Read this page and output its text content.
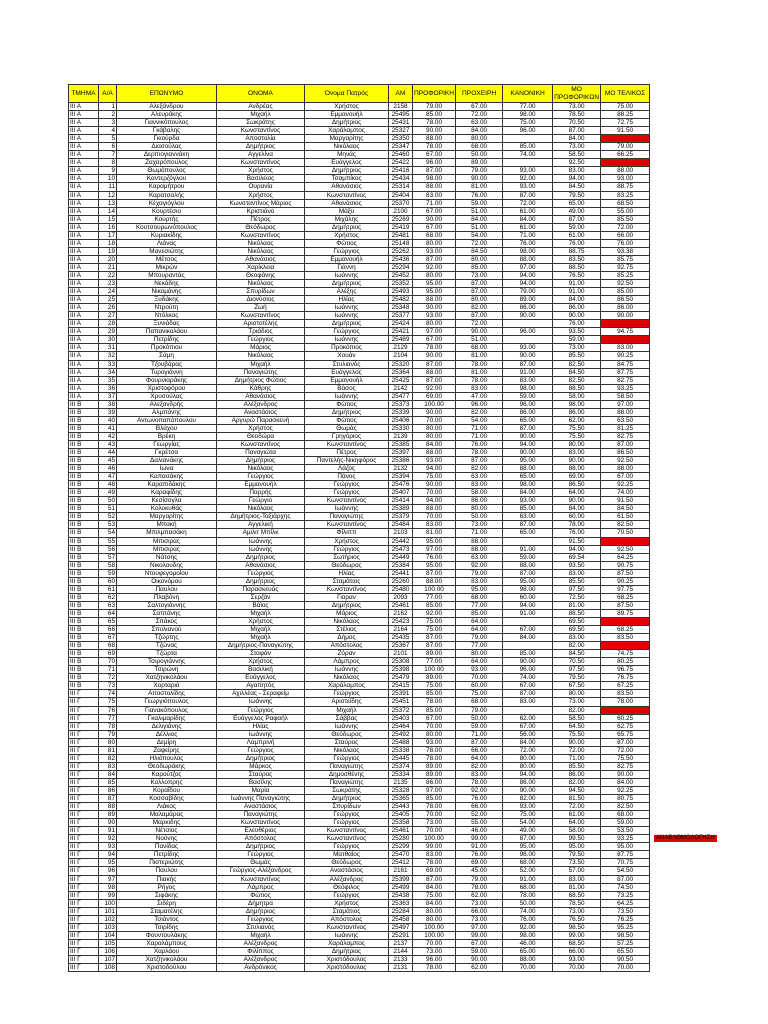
ΤΜΗΜΑ	Α/Α	ΕΠΩΝΥΜΟ	ΟΝΟΜΑ	Όνομα Πατρός	ΑΜ	ΠΡΟΦΟΡΙΚΗ	ΠΡΟΧΕΙΡΗ	ΚΑΝΟΝΙΚΗ	ΜΟ ΠΡΟΦΟΡΙΚΩΝ	ΜΟ ΤΕΛΙΚΟΣ
ΙΙΙ Α	1	Αλεξάνδρου	Ανδρέας	Χρήστος	2158	79.00	67.00	77.00	73.00	75.00
ΙΙΙ Α	2	Αλευράκης	Μιχαήλ	Εμμανουήλ	25495	85.00	72.00	98.00	78.50	88.25
ΙΙΙ Α	3	Γιαννικόπουλος	Σωκράτης	Δημήτριος	25431	78.00	63.00	75.00	70.50	72.75
ΙΙΙ Α	4	Γκάβαλης	Κωνσταντίνος	Χαράλαμπος	25327	90.00	84.00	96.00	87.00	91.50
ΙΙΙ Α	5	Γκιούρδα	Αποστολία	Μαργαρίτης	25350	88.00	80.00		84.00	42.00
ΙΙΙ Α	6	Διασούλας	Δημήτριος	Νικόλαος	25347	78.00	68.00	85.00	73.00	79.00
ΙΙΙ Α	7	Δερπιογιαννάκη	Αγγελίνα	Μηνάς	25460	67.00	50.00	74.00	58.50	66.25
ΙΙΙ Α	8	Ζαχαρόπουλος	Κωνσταντίνος	Ευάγγελος	25422	96.00	89.00		92.50	46.25
ΙΙΙ Α	9	Θωμόπουλος	Χρήστος	Δημήτριος	25416	87.00	79.00	93.00	83.00	88.00
ΙΙΙ Α	10	Καντερζόγλου	Βασιλειος	Τσαμπίκος	25434	98.00	90.00	92.00	94.00	93.00
ΙΙΙ Α	11	Καραμήτρου	Ουρανία	Αθανάσιος	25314	88.00	81.00	93.00	84.50	88.75
ΙΙΙ Α	12	Καρατσαλής	Χρήστος	Κωνσταντίνος	25404	83.00	76.00	87.00	79.50	83.25
ΙΙΙ Α	13	Κέχαγιόγλου	Κωνσταντίνος Μάριος	Αθανάσιος	25370	71.00	59.00	72.00	65.00	68.50
ΙΙΙ Α	14	Κουρτέσιο	Κριστιάνο	Μάξυ	2100	67.00	51.00	61.00	49.00	55.00
ΙΙΙ Α	15	Κουρτής	Πέτρος	Μιχάλης	25269	90.00	84.00	84.00	87.00	85.50
ΙΙΙ Α	16	Κουτσουρωνόπουλος	Θεόδωρος	Δημήτριος	25419	67.00	51.00	61.00	59.00	72.00
ΙΙΙ Α	17	Κυριακίδης	Κωνσταντίνος	Χρήστος	25481	68.00	54.00	71.00	61.00	66.00
ΙΙΙ Α	18	Λιάνας	Νικόλαος	Φώτιος	25148	80.00	72.00	76.00	76.00	76.00
ΙΙΙ Α	19	Μανεσιώτης	Νικόλαος	Γεώργιος	25262	93.00	84.50	98.00	88.75	93.38
ΙΙΙ Α	20	Μέτσος	Αθανάσιος	Εμμανουήλ	25436	87.00	80.00	88.00	83.50	85.75
ΙΙΙ Α	21	Μικρών	Χαρίκλεια	Γιάννη	25294	92.00	85.00	97.00	88.50	92.75
ΙΙΙ Α	22	Μπουραντάς	Θεοφάνης	Ιωάννης	25452	80.00	73.00	94.00	76.50	85.25
ΙΙΙ Α	23	Νεκάδης	Νικόλαος	Δημήτριος	25352	95.00	87.00	94.00	91.00	92.50
ΙΙΙ Α	24	Νικομάνης	Σπυρίδων	Αλέξης	25493	95.00	87.00	79.00	91.00	85.00
ΙΙΙ Α	25	Ξυδάκης	Διονύσιος	Ηλίας	25482	88.00	80.00	89.00	84.00	86.50
ΙΙΙ Α	26	Ντρούτη	Ζωή	Ιωάννης	25348	90.00	82.00	86.00	86.00	86.00
ΙΙΙ Α	27	Ντόλκας	Κωνσταντίνος	Ιωάννης	25377	93.00	87.00	90.00	90.00	90.00
ΙΙΙ Α	28	Ξυνιάδας	Αριστοτέλης	Δημήτριος	25424	80.00	72.00		76.00	38.00
ΙΙΙ Α	29	Παπανικολάου	Τριάδιος	Γεώργιος	25421	97.00	90.00	96.00	93.50	94.75
ΙΙΙ Α	30	Πετρίδης	Γεώργιος	Ιωάννης	25489	67.00	51.00		59.00	29.50
ΙΙΙ Α	31	Προκόπιου	Μάριος	Προκόπιος	2129	78.00	68.00	93.00	73.00	83.00
ΙΙΙ Α	32	Σάμη	Νικόλαος	Χουάν	2104	90.00	81.00	90.00	85.50	90.25
ΙΙΙ Α	33	Τζουβάρας	Μιχαήλ	Στυλιανός	25320	87.00	78.00	87.00	82.50	84.75
ΙΙΙ Α	34	Τυρογιάννη	Παναγιώτης	Ευάγγελος	25364	88.00	81.00	91.00	84.50	87.75
ΙΙΙ Α	35	Φουρνιαράκης	Δημήτριος Φώτιος	Εμμανουήλ	25425	87.00	78.00	83.00	82.50	82.75
ΙΙΙ Α	36	Χριστοφόρου	Κάθρης	Βάσος	2142	92.00	83.00	98.00	88.50	93.25
ΙΙΙ Α	37	Χρυσούλας	Αθανάσιος	Ιωάννης	25477	69.00	47.00	59.00	58.00	58.50
ΙΙΙ Β	38	Αλεξανδρής	Αλέξανδρος	Φώτιος	25373	100.00	96.00	96.00	98.00	97.00
ΙΙΙ Β	39	Αλμπάνης	Αναστάσιος	Δημήτριος	25339	90.00	82.00	86.00	86.00	88.00
ΙΙΙ Β	40	Αντωνοπαπόπουλου	Αργυρώ Παρασκευή	Φώτιος	25406	70.00	54.00	65.00	62.00	63.50
ΙΙΙ Β	41	Βλάχου	Χρήστος	Θωμάς	25330	80.00	71.00	87.00	75.50	81.25
ΙΙΙ Β	42	Βρέκη	Θεοδώρα	Γρηγόριος	2139	80.00	71.00	90.00	75.50	82.75
ΙΙΙ Β	43	Γεωργίας	Κωνσταντίνος	Κωνσταντίνος	25385	84.00	76.00	94.00	80.00	87.00
ΙΙΙ Β	44	Γκρέτσα	Παναγιώτα	Πέτρος	25397	88.00	78.00	90.00	83.00	86.50
ΙΙΙ Β	45	Δαλιανάκης	Δημήτριος	Παντελής-Νικηφόρος	25386	93.00	87.00	95.00	90.00	92.50
ΙΙΙ Β	46	Ιωνα	Νικόλαος	Λάζος	2132	94.00	82.00	88.00	88.00	88.00
ΙΙΙ Β	47	Καπασάκης	Γεώργιος	Πάνος	25394	75.00	63.00	65.00	69.00	67.00
ΙΙΙ Β	48	Καραπιδάκης	Εμμανουήλ	Γεώργιος	25476	90.00	83.00	98.00	86.50	92.25
ΙΙΙ Β	49	Καραφίδης	Παρρής	Γεώργιος	25407	70.00	58.00	84.00	64.00	74.00
ΙΙΙ Β	50	Κεσίσογλα	Γεώργιο	Κωνσταντίνος	25414	94.00	86.00	93.00	90.00	91.50
ΙΙΙ Β	51	Κολοκυθάς	Νικόλαος	Ιωάννης	25389	88.00	80.00	85.00	84.00	84.50
ΙΙΙ Β	52	Μαργαρίτης	Δημήτριος-Ταξιάρχης	Παναγιώτης	25379	70.00	50.00	63.00	60.00	61.50
ΙΙΙ Β	53	Μπακή	Αγγελική	Κωνσταντίνος	25484	83.00	73.00	87.00	78.00	82.50
ΙΙΙ Β	54	Μπιλμπασάκη	Αμιλιτ Μπίλκ	Φίλιππ	2103	81.00	71.00	65.00	76.00	70.50
ΙΙΙ Β	55	Μπισιρας	Ιωάννης	Χρήστος	25442	95.00	88.00		91.50	45.75
ΙΙΙ Β	56	Μπισιρας	Ιωάννης	Γεώργιος	25473	97.00	88.00	91.00	94.00	92.50
ΙΙΙ Β	57	Νάτσης	Δημήτριος	Σωτήριος	25449	76.00	63.00	59.00	69.54	64.25
ΙΙΙ Β	58	Νικολουδης	Αθανάσιος	Θεόδωρος	25384	95.00	92.00	88.00	93.50	90.75
ΙΙΙ Β	59	Ντουφεγομοίου	Γεώργιος	Ηλίας	25441	87.00	79.00	87.00	83.00	87.50
ΙΙΙ Β	60	Οικονόμου	Δημήτριος	Σταμάτιος	25260	88.00	83.00	95.00	85.50	90.25
ΙΙΙ Β	61	Παυλου	Παρασκευάς	Κωνσταντίνος	25480	100.00	95.00	98.00	97.50	97.75
ΙΙΙ Β	62	Πλαβόνη	Σερζάν	Γιοραν	2093	77.00	68.00	60.00	72.50	68.25
ΙΙΙ Β	63	Σαλτογιάννης	Βάϊος	Δημήτριος	25461	85.00	77.00	94.00	81.00	87.50
ΙΙΙ Β	64	Σαπτάνης	Μιχαήλ	Μάριος	2162	92.00	85.00	91.00	88.50	89.75
ΙΙΙ Β	65	Σπάκος	Χρήστος	Νικόλαος	25423	75.00	64.00		69.50	34.75
ΙΙΙ Β	66	Σπυλιανού	Μιχαήλ	Στέλιος	2164	75.00	64.00	67.00	69.50	68.25
ΙΙΙ Β	67	Τζώρτης	Μιχαήλ	Δήμος	25435	87.00	79.00	84.00	83.00	83.50
ΙΙΙ Β	68	Τζώνας	Δημήτριος-Παναγιώτης	Απόστολος	25367	87.00	77.00		82.00	41.00
ΙΙΙ Β	69	Τζώρτα	Σταφάν	Ζόραν	2101	89.00	80.00	85.00	84.50	74.75
ΙΙΙ Β	70	Τσιρογιάννης	Χρήστος	Λάμπρος	25308	77.00	64.00	90.00	70.50	80.25
ΙΙΙ Β	71	Τσιρώνη	Βασιλική	Ιωάννης	25398	100.00	93.00	96.00	97.50	96.75
ΙΙΙ Β	72	Χατζηνικολάου	Ευάγγελος	Νικόλαος	25479	89.00	70.00	74.00	79.50	76.75
ΙΙΙ Β	73	Χορταριά	Αγαπητός	Χαράλαμπος	25415	75.00	60.00	67.00	67.50	67.25
ΙΙΙ Γ	74	Αποστολίδης	Αχιλλέας - Σεραφείμ	Γεώργιος	25391	85.00	75.00	87.00	80.00	83.50
ΙΙΙ Γ	75	Γεωργιόπουλος	Ιωάννης	Αριστείδης	25451	78.00	68.00	83.00	73.00	78.00
ΙΙΙ Γ	76	Γιανακόπουλος	Γεώργιος	Μιχαήλ	25372	85.00	79.00		82.00	41.00
ΙΙΙ Γ	77	Γκαλιμαρίδης	Ευάγγελος Ραφαήλ	Σάββας	25403	67.00	50.00	62.00	58.50	60.25
ΙΙΙ Γ	78	Δελιγιάνης	Ηλίας	Ιωάννης	25464	70.00	59.00	67.00	64.50	62.75
ΙΙΙ Γ	79	Δέλλιος	Ιωάννης	Θεόδωρος	25492	80.00	71.00	56.00	75.50	65.75
ΙΙΙ Γ	80	Δεμίρη	Λαμπρινή	Σταύρος	25488	93.00	87.00	84.00	90.00	87.00
ΙΙΙ Γ	81	Ζαφείρης	Γεώργιος	Νικόλαος	25338	78.00	66.00	72.00	72.00	72.00
ΙΙΙ Γ	82	Ηλιόπουλος	Δημήτριος	Γεώργιος	25445	78.00	64.00	80.00	71.00	75.50
ΙΙΙ Γ	83	Θεοδωράκης	Μάρκος	Παναγιώτης	25374	89.00	82.00	80.00	85.50	82.75
ΙΙΙ Γ	84	Καρούτζος	Σταύρος	Δημοσθένης	25334	89.00	83.00	94.00	86.00	90.00
ΙΙΙ Γ	85	Κολλοπρης	Βασίλης	Παναγιώτης	2135	86.00	78.00	86.00	82.00	84.00
ΙΙΙ Γ	86	Κοραΐδου	Μαρία	Σωκράτης	25328	97.00	92.00	90.00	94.50	92.25
ΙΙΙ Γ	87	Κοσσαβίδης	Ιωάννης Παναγιώτης	Δημήτριος	25365	85.00	76.00	82.00	81.50	80.75
ΙΙΙ Γ	88	Λιάκος	Αναστάσιος	Σπυρίδων	25443	78.00	66.00	93.00	72.00	82.50
ΙΙΙ Γ	89	Μαλαμάρας	Παναγιώτης	Γεώργιος	25405	70.00	52.00	75.00	61.00	68.00
ΙΙΙ Γ	90	Μαρκιδης	Κωνσταντίνος	Γεώργιος	25358	73.00	55.00	54.00	64.00	59.00
ΙΙΙ Γ	91	Νέτσιος	Ελευθέριος	Κωνσταντίνος	25461	70.00	46.00	49.00	58.00	53.50
ΙΙΙ Γ	92	Νούνης	Απόστολος	Κωνσταντίνος	25280	100.00	99.00	87.00	99.50	93.25
ΙΙΙ Γ	93	Πανίδας	Δημήτριος	Γεώργιος	25299	99.00	91.00	95.00	95.00	95.00
ΙΙΙ Γ	94	Πετρίδης	Γεώργιος	Ματθαίος	25470	83.00	76.00	96.00	79.50	87.75
ΙΙΙ Γ	95	Πιστεριώτης	Θωμάς	Θεόδωρος	25412	78.00	69.00	68.00	73.50	70.75
ΙΙΙ Γ	96	Παυλου	Γεώργιος-Αλέξανδρος	Αναστάσιος	2161	69.00	45.00	52.00	57.00	54.50
ΙΙΙ Γ	97	Πιακής	Κωνσταντίνος	Αλέξανδρος	25399	87.00	79.00	91.00	83.00	87.00
ΙΙΙ Γ	98	Ρήγος	Λάμπρος	Θεόφιλος	25499	84.00	78.00	68.00	81.00	74.50
ΙΙΙ Γ	99	Σιφάκης	Φώτιος	Γεώργιος	25438	75.00	62.00	78.00	68.50	73.25
ΙΙΙ Γ	100	Σιδέρη	Δήμητρα	Χρήστος	25363	84.00	73.00	50.00	78.50	64.25
ΙΙΙ Γ	101	Σταματέλης	Δημήτριος	Σταμάτιος	25284	80.00	66.00	74.00	73.00	73.50
ΙΙΙ Γ	102	Τσιάντος	Γεώργιος	Απόστολος	25458	80.00	73.00	76.00	76.50	76.25
ΙΙΙ Γ	103	Τσιρίδης	Στυλιανός	Κωνσταντίνος	25497	100.00	97.00	92.00	98.50	95.25
ΙΙΙ Γ	104	Φουντουλάκης	Μιχαήλ	Ιωάννης	25291	100.00	99.00	98.00	99.00	98.50
ΙΙΙ Γ	105	Χαραλάμπους	Αλέξανδρος	Χαράλαμπος	2137	70.00	67.00	46.00	68.50	57.25
ΙΙΙ Γ	106	Χαρλάου	Φιλίππος	Δημήτριος	2144	73.00	59.00	65.00	66.00	65.50
ΙΙΙ Γ	107	Χατζηνικολάου	Αλέξανδρος	Χριστόδουλος	2133	96.00	90.00	88.00	93.00	90.50
ΙΙΙ Γ	108	Χριστοδούλου	Ανδρόνικος	Χριστόδουλος	2131	78.00	62.00	70.00	70.00	70.00
ΑΝΑΒΑΘΜΟΛΟΓΗΣΗ
